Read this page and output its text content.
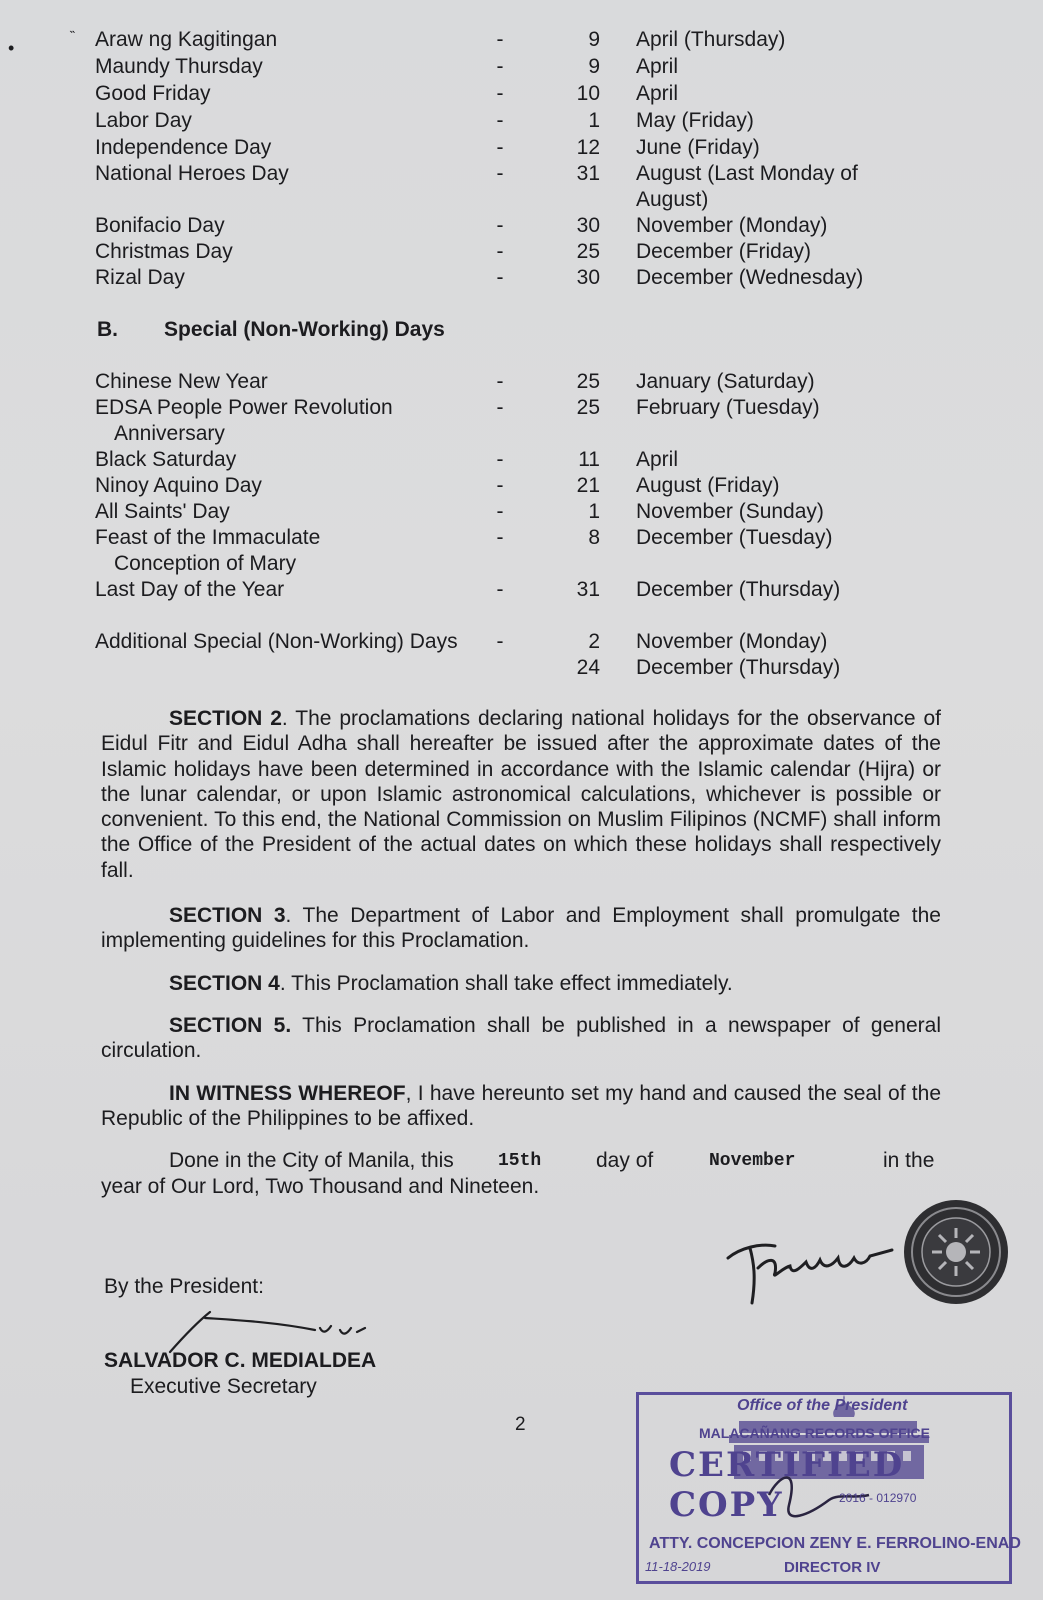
•
˵ Araw ng Kagitingan	-	9 April (Thursday)
Maundy Thursday	-	9 April
Good Friday	-	10 April
Labor Day	-	1 May (Friday)
Independence Day	-	12 June (Friday)
National Heroes Day	-	31 August (Last Monday of
August)
Bonifacio Day	-	30 November (Monday)
Christmas Day	-	25 December (Friday)
Rizal Day	-	30 December (Wednesday)
B. Special (Non-Working) Days
Chinese New Year	-	25 January (Saturday)
EDSA People Power Revolution	-	25 February (Tuesday)
Anniversary
Black Saturday	-	11 April
Ninoy Aquino Day	-	21 August (Friday)
All Saints' Day	-	1 November (Sunday)
Feast of the Immaculate	-	8 December (Tuesday)
Conception of Mary
Last Day of the Year	-	31 December (Thursday)
Additional Special (Non-Working) Days	-	2 November (Monday)
24 December (Thursday)
SECTION 2. The proclamations declaring national holidays for the observance of Eidul Fitr and Eidul Adha shall hereafter be issued after the approximate dates of the Islamic holidays have been determined in accordance with the Islamic calendar (Hijra) or the lunar calendar, or upon Islamic astronomical calculations, whichever is possible or convenient. To this end, the National Commission on Muslim Filipinos (NCMF) shall inform the Office of the President of the actual dates on which these holidays shall respectively fall.
SECTION 3. The Department of Labor and Employment shall promulgate the implementing guidelines for this Proclamation.
SECTION 4. This Proclamation shall take effect immediately.
SECTION 5. This Proclamation shall be published in a newspaper of general circulation.
IN WITNESS WHEREOF, I have hereunto set my hand and caused the seal of the Republic of the Philippines to be affixed.
Done in the City of Manila, this 15th	day of	November	in the
year of Our Lord, Two Thousand and Nineteen.
By the President:
SALVADOR C. MEDIALDEA
Executive Secretary
2
Office of the President
MALACAÑANG RECORDS OFFICE
CERTIFIED COPY	2016 - 012970
ATTY. CONCEPCION ZENY E. FERROLINO-ENAD
11-18-2019	DIRECTOR IV
